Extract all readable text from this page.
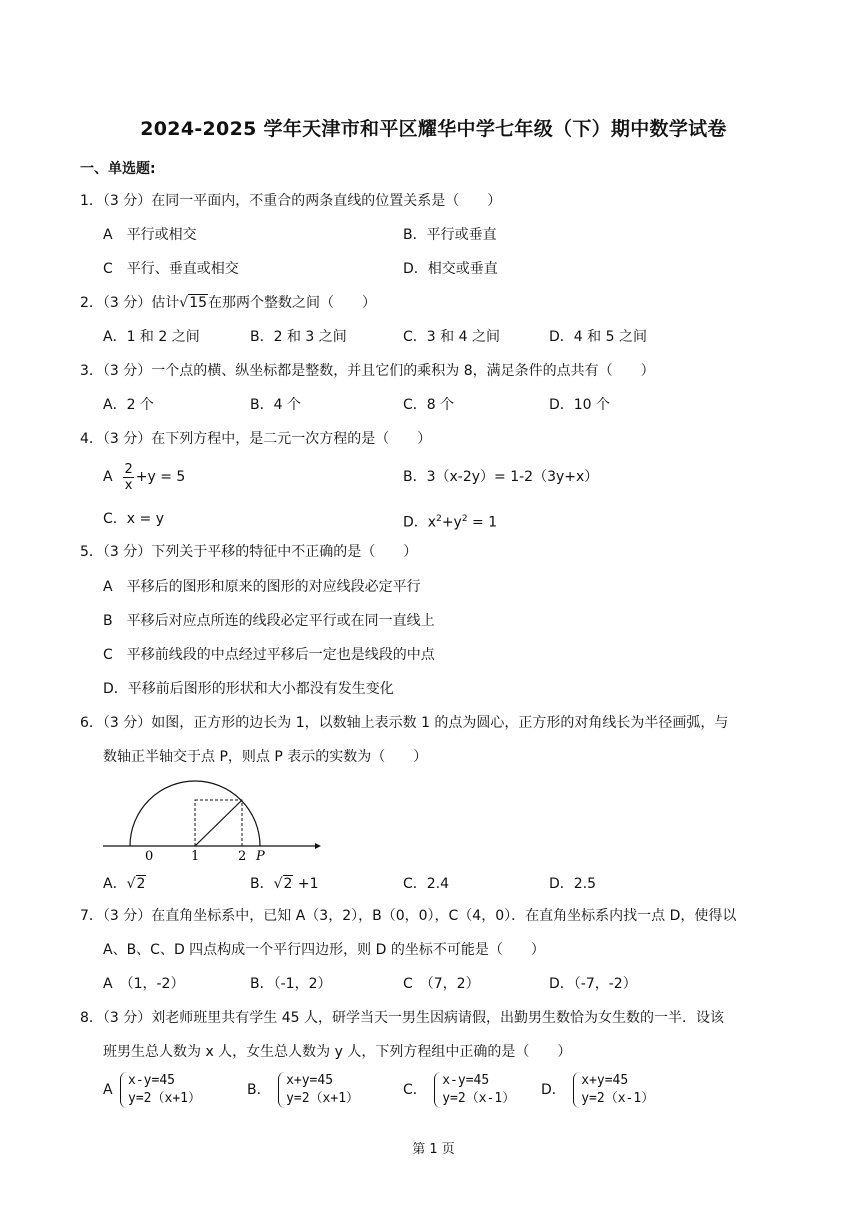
2024-2025 学年天津市和平区耀华中学七年级（下）期中数学试卷
一、单选题:
1．（3 分）在同一平面内，不重合的两条直线的位置关系是（　　）
A　平行或相交	B．平行或垂直
C　平行、垂直或相交	D．相交或垂直
2．（3 分）估计√15在那两个整数之间（　　）
A．1 和 2 之间	B．2 和 3 之间	C．3 和 4 之间	D．4 和 5 之间
3．（3 分）一个点的横、纵坐标都是整数，并且它们的乘积为 8，满足条件的点共有（　　）
A．2 个	B．4 个	C．8 个	D．10 个
4．（3 分）在下列方程中，是二元一次方程的是（　　）
A $\frac{2}{x} +y = 5$	B．3（x-2y）= 1-2（3y+x）
C．x = y	D．$x^2+y^2 = 1$
5．（3 分）下列关于平移的特征中不正确的是（　　）
A　平移后的图形和原来的图形的对应线段必定平行
B　平移后对应点所连的线段必定平行或在同一直线上
C　平移前线段的中点经过平移后一定也是线段的中点
D．平移前后图形的形状和大小都没有发生变化
6．（3 分）如图，正方形的边长为 1，以数轴上表示数 1 的点为圆心，正方形的对角线长为半径画弧，与
数轴正半轴交于点 P，则点 P 表示的实数为（　　）
0	1	2 P
A．√2	B．√2 +1	C．2.4	D．2.5
7．（3 分）在直角坐标系中，已知 A（3，2），B（0，0），C（4，0）．在直角坐标系内找一点 D，使得以
A、B、C、D 四点构成一个平行四边形，则 D 的坐标不可能是（　　）
A　（1，-2）	B．（-1，2）	C　（7，2）	D．（-7，-2）
8．（3 分）刘老师班里共有学生 45 人，研学当天一男生因病请假，出勤男生数恰为女生数的一半．设该
班男生总人数为 x 人，女生总人数为 y 人，下列方程组中正确的是（　　）
A
x-y=45
y=2（x+1）
B．
x+y=45
y=2（x+1）
C．
x-y=45
y=2（x-1）
D．
x+y=45
y=2（x-1）
第 1 页
